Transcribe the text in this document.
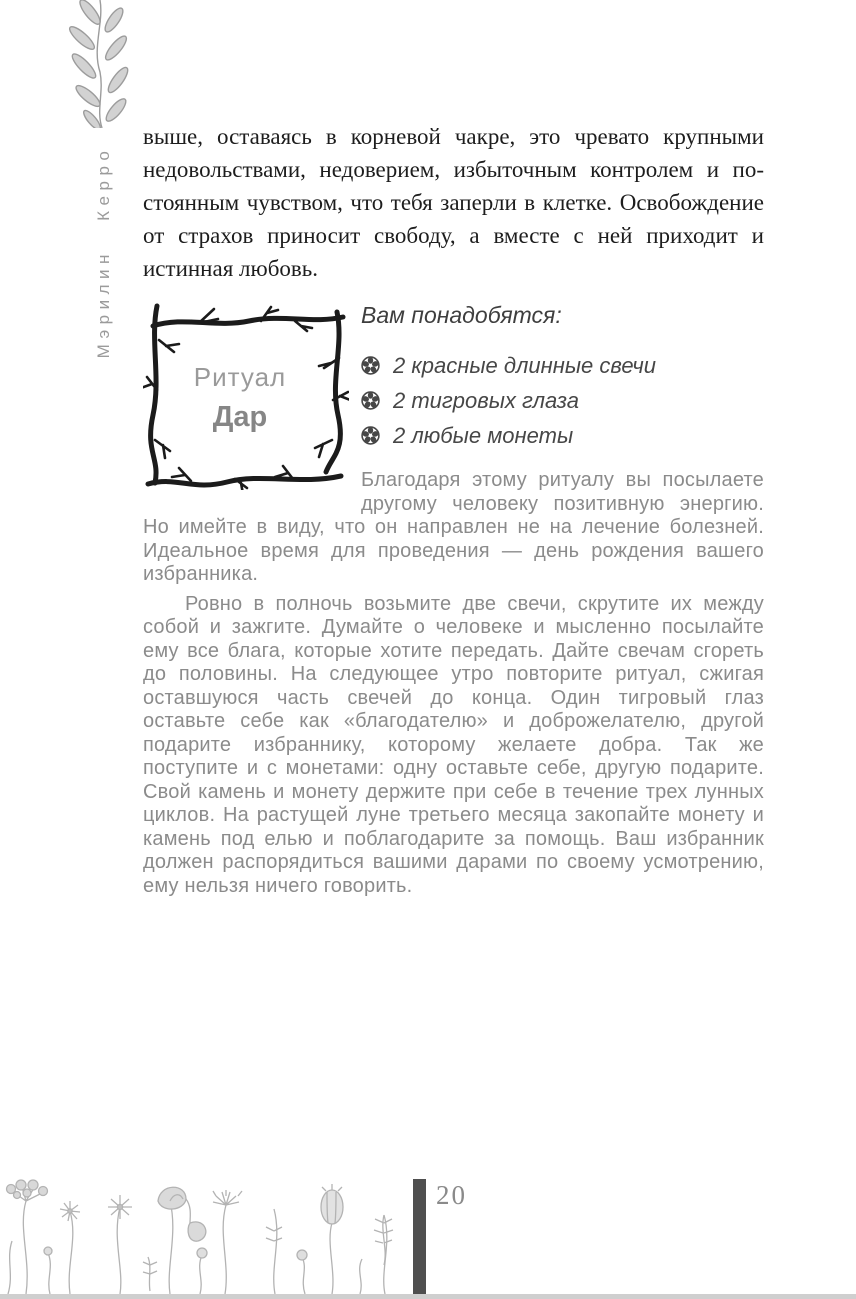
Мэрилин Керро

выше, оставаясь в корневой чакре, это чревато крупными недовольствами, недоверием, избыточным контролем и постоянным чувством, что тебя заперли в клетке. Освобождение от страхов приносит свободу, а вместе с ней приходит и истинная любовь.

Ритуал
Дар
Вам понадобятся:
2 красные длинные свечи
2 тигровых глаза
2 любые монеты

Благодаря этому ритуалу вы посылаете другому человеку позитивную энергию. Но имейте в виду, что он направлен не на лечение болезней. Идеальное время для проведения — день рождения вашего избранника.

Ровно в полночь возьмите две свечи, скрутите их между собой и зажгите. Думайте о человеке и мысленно посылайте ему все блага, которые хотите передать. Дайте свечам сгореть до половины. На следующее утро повторите ритуал, сжигая оставшуюся часть свечей до конца. Один тигровый глаз оставьте себе как «благодателю» и доброжелателю, другой подарите избраннику, которому желаете добра. Так же поступите и с монетами: одну оставьте себе, другую подарите. Свой камень и монету держите при себе в течение трех лунных циклов. На растущей луне третьего месяца закопайте монету и камень под елью и поблагодарите за помощь. Ваш избранник должен распорядиться вашими дарами по своему усмотрению, ему нельзя ничего говорить.

20
